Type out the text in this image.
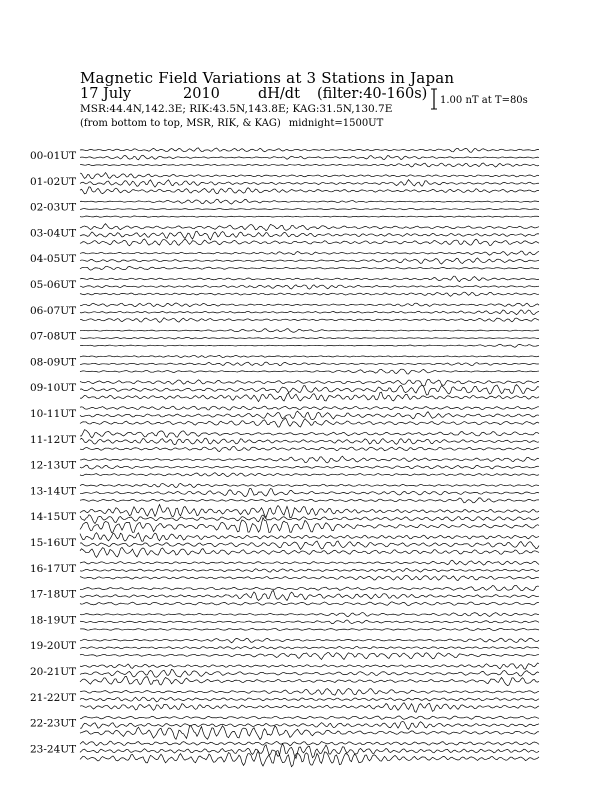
Magnetic Field Variations at 3 Stations in Japan
17 July	2010	dH/dt (filter:40-160s)
MSR:44.4N,142.3E; RIK:43.5N,143.8E; KAG:31.5N,130.7E
(from bottom to top, MSR, RIK, & KAG) midnight=1500UT
1.00 nT at T=80s
00-01UT
01-02UT
02-03UT
03-04UT
04-05UT
05-06UT
06-07UT
07-08UT
08-09UT
09-10UT
10-11UT
11-12UT
12-13UT
13-14UT
14-15UT
15-16UT
16-17UT
17-18UT
18-19UT
19-20UT
20-21UT
21-22UT
22-23UT
23-24UT
